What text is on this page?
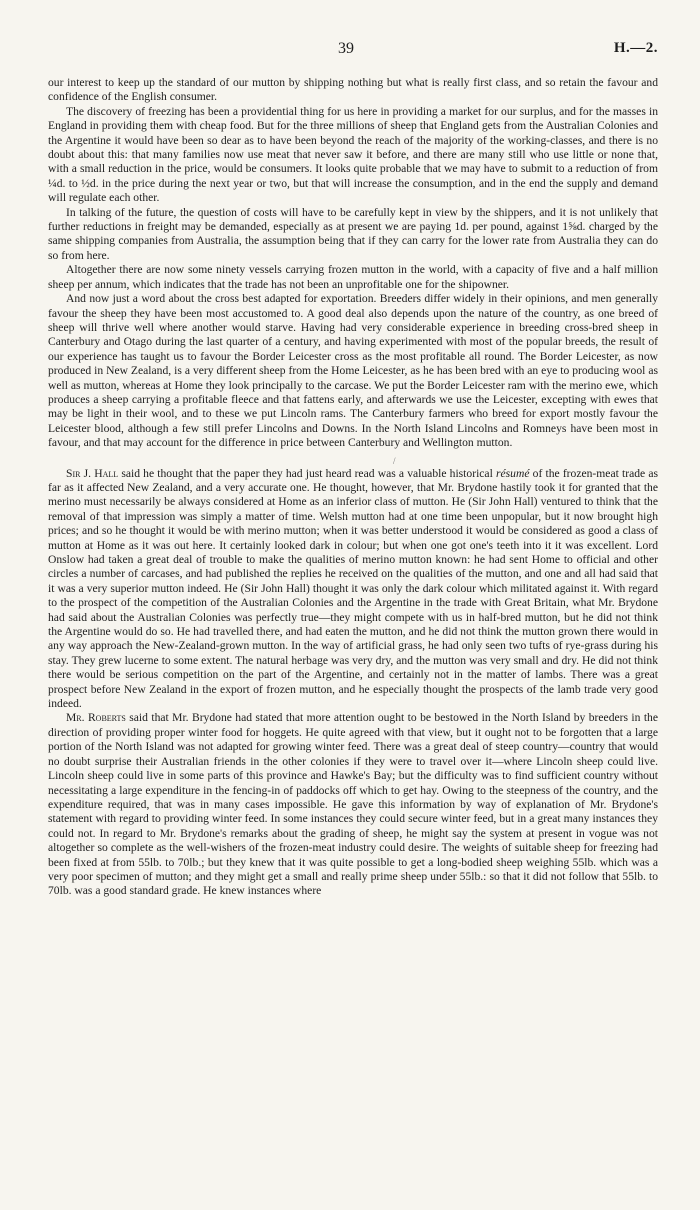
39	H.—2.

our interest to keep up the standard of our mutton by shipping nothing but what is really first class, and so retain the favour and confidence of the English consumer.

The discovery of freezing has been a providential thing for us here in providing a market for our surplus, and for the masses in England in providing them with cheap food. But for the three millions of sheep that England gets from the Australian Colonies and the Argentine it would have been so dear as to have been beyond the reach of the majority of the working-classes, and there is no doubt about this: that many families now use meat that never saw it before, and there are many still who use little or none that, with a small reduction in the price, would be consumers. It looks quite probable that we may have to submit to a reduction of from ¼d. to ½d. in the price during the next year or two, but that will increase the consumption, and in the end the supply and demand will regulate each other.

In talking of the future, the question of costs will have to be carefully kept in view by the shippers, and it is not unlikely that further reductions in freight may be demanded, especially as at present we are paying 1d. per pound, against 1⅝d. charged by the same shipping companies from Australia, the assumption being that if they can carry for the lower rate from Australia they can do so from here.

Altogether there are now some ninety vessels carrying frozen mutton in the world, with a capacity of five and a half million sheep per annum, which indicates that the trade has not been an unprofitable one for the shipowner.

And now just a word about the cross best adapted for exportation. Breeders differ widely in their opinions, and men generally favour the sheep they have been most accustomed to. A good deal also depends upon the nature of the country, as one breed of sheep will thrive well where another would starve. Having had very considerable experience in breeding cross-bred sheep in Canterbury and Otago during the last quarter of a century, and having experimented with most of the popular breeds, the result of our experience has taught us to favour the Border Leicester cross as the most profitable all round. The Border Leicester, as now produced in New Zealand, is a very different sheep from the Home Leicester, as he has been bred with an eye to producing wool as well as mutton, whereas at Home they look principally to the carcase. We put the Border Leicester ram with the merino ewe, which produces a sheep carrying a profitable fleece and that fattens early, and afterwards we use the Leicester, excepting with ewes that may be light in their wool, and to these we put Lincoln rams. The Canterbury farmers who breed for export mostly favour the Leicester blood, although a few still prefer Lincolns and Downs. In the North Island Lincolns and Romneys have been most in favour, and that may account for the difference in price between Canterbury and Wellington mutton.

/

Sir J. Hall said he thought that the paper they had just heard read was a valuable historical résumé of the frozen-meat trade as far as it affected New Zealand, and a very accurate one. He thought, however, that Mr. Brydone hastily took it for granted that the merino must necessarily be always considered at Home as an inferior class of mutton. He (Sir John Hall) ventured to think that the removal of that impression was simply a matter of time. Welsh mutton had at one time been unpopular, but it now brought high prices; and so he thought it would be with merino mutton; when it was better understood it would be considered as good a class of mutton at Home as it was out here. It certainly looked dark in colour; but when one got one's teeth into it it was excellent. Lord Onslow had taken a great deal of trouble to make the qualities of merino mutton known: he had sent Home to official and other circles a number of carcases, and had published the replies he received on the qualities of the mutton, and one and all had said that it was a very superior mutton indeed. He (Sir John Hall) thought it was only the dark colour which militated against it. With regard to the prospect of the competition of the Australian Colonies and the Argentine in the trade with Great Britain, what Mr. Brydone had said about the Australian Colonies was perfectly true—they might compete with us in half-bred mutton, but he did not think the Argentine would do so. He had travelled there, and had eaten the mutton, and he did not think the mutton grown there would in any way approach the New-Zealand-grown mutton. In the way of artificial grass, he had only seen two tufts of rye-grass during his stay. They grew lucerne to some extent. The natural herbage was very dry, and the mutton was very small and dry. He did not think there would be serious competition on the part of the Argentine, and certainly not in the matter of lambs. There was a great prospect before New Zealand in the export of frozen mutton, and he especially thought the prospects of the lamb trade very good indeed.

Mr. Roberts said that Mr. Brydone had stated that more attention ought to be bestowed in the North Island by breeders in the direction of providing proper winter food for hoggets. He quite agreed with that view, but it ought not to be forgotten that a large portion of the North Island was not adapted for growing winter feed. There was a great deal of steep country—country that would no doubt surprise their Australian friends in the other colonies if they were to travel over it—where Lincoln sheep could live. Lincoln sheep could live in some parts of this province and Hawke's Bay; but the difficulty was to find sufficient country without necessitating a large expenditure in the fencing-in of paddocks off which to get hay. Owing to the steepness of the country, and the expenditure required, that was in many cases impossible. He gave this information by way of explanation of Mr. Brydone's statement with regard to providing winter feed. In some instances they could secure winter feed, but in a great many instances they could not. In regard to Mr. Brydone's remarks about the grading of sheep, he might say the system at present in vogue was not altogether so complete as the well-wishers of the frozen-meat industry could desire. The weights of suitable sheep for freezing had been fixed at from 55lb. to 70lb.; but they knew that it was quite possible to get a long-bodied sheep weighing 55lb. which was a very poor specimen of mutton; and they might get a small and really prime sheep under 55lb.: so that it did not follow that 55lb. to 70lb. was a good standard grade. He knew instances where
